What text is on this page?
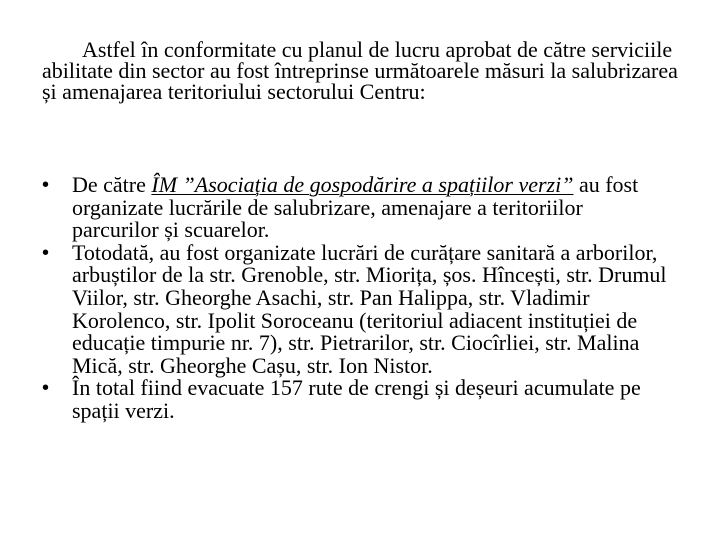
Astfel în conformitate cu planul de lucru aprobat de către serviciile abilitate din sector au fost întreprinse următoarele măsuri la salubrizarea și amenajarea teritoriului sectorului Centru:

• De către ÎM ”Asociația de gospodărire a spațiilor verzi” au fost organizate lucrările de salubrizare, amenajare a teritoriilor parcurilor și scuarelor.
• Totodată, au fost organizate lucrări de curățare sanitară a arborilor, arbuștilor de la str. Grenoble, str. Miorița, șos. Hîncești, str. Drumul Viilor, str. Gheorghe Asachi, str. Pan Halippa, str. Vladimir Korolenco, str. Ipolit Soroceanu (teritoriul adiacent instituției de educație timpurie nr. 7), str. Pietrarilor, str. Ciocîrliei, str. Malina Mică, str. Gheorghe Cașu, str. Ion Nistor.
• În total fiind evacuate 157 rute de crengi și deșeuri acumulate pe spații verzi.
